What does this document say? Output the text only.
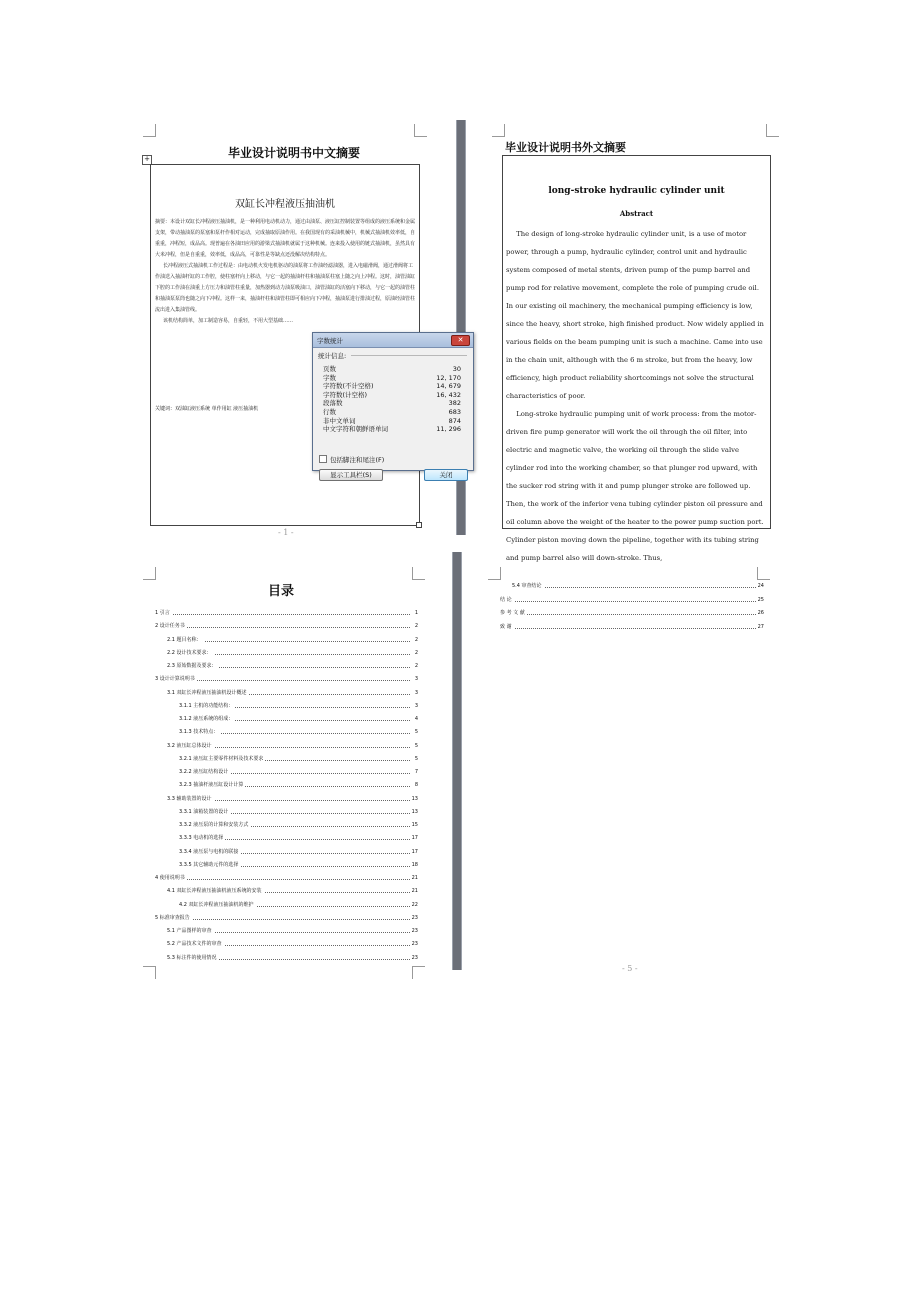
+	毕业设计说明书中文摘要
双缸长冲程液压抽油机

摘要：本设计双缸长冲程液压抽油机，是一种利用电动机动力，通过由油泵、液压缸控制装置等组成的液压系统和金属支架，带动抽油泵的泵塞和泵杆作相对运动，完成抽取原油作用。在我国现有的采油机械中，机械式抽油机效率低，自重重，冲程短，成品高。现普遍在各油田应用的游梁式抽油机就属于这种机械。连来投入使用的链式抽油机，虽然具有大米冲程，但是自重重，效率低，成品高，可靠性是等缺点还没解决结构特点。

长冲程液压式抽油机工作过程是：由电动机火发电机驱动的油泵将工作油经滤油器，进入电磁滑阀，通过滑阀将工作油送入抽油杆缸的工作腔，使柱塞杆向上移动，与它一起的抽油杆柱和抽油泵柱塞上随之向上冲程。这时，油管油缸下腔的工作油在油重上方压力和油管柱重量，加热器到动力油泵吸油口，油管油缸的活塞向下移动，与它一起的油管柱和抽油泵泵筒也随之向下冲程。这样一来，抽油杆柱和油管柱即可相应向下冲程，抽油泵进行排油过程，原油经油管柱流出进入集油管线。

该机结构简单，加工制造容易，自重轻，不用大型基础……

关键词：双油缸液压系统 单作用缸 液压抽油机
- 1 -
毕业设计说明书外文摘要
long-stroke hydraulic cylinder unit
Abstract

The design of long-stroke hydraulic cylinder unit, is a use of motor power, through a pump, hydraulic cylinder, control unit and hydraulic system composed of metal stents, driven pump of the pump barrel and pump rod for relative movement, complete the role of pumping crude oil. In our existing oil machinery, the mechanical pumping efficiency is low, since the heavy, short stroke, high finished product. Now widely applied in various fields on the beam pumping unit is such a machine. Came into use in the chain unit, although with the 6 m stroke, but from the heavy, low efficiency, high product reliability shortcomings not solve the structural characteristics of poor.

Long-stroke hydraulic pumping unit of work process: from the motor-driven fire pump generator will work the oil through the oil filter, into electric and magnetic valve, the working oil through the slide valve cylinder rod into the working chamber, so that plunger rod upward, with the sucker rod string with it and pump plunger stroke are followed up. Then, the work of the inferior vena tubing cylinder piston oil pressure and oil column above the weight of the heater to the power pump suction port. Cylinder piston moving down the pipeline, together with its tubing string and pump barrel also will down-stroke. Thus,

目录
1 引言	1
2 设计任务书	2
2.1 题目名称：	2
2.2 设计技术要求：	2
2.3 原始数据及要求：	2
3 设计计算说明书	3
3.1 双缸长冲程液压抽油机设计概述	3
3.1.1 主机的功能结构：	3
3.1.2 液压系统的组成：	4
3.1.3 技术特点：	5
3.2 液压缸总体设计	5
3.2.1 液压缸主要零件材料及技术要求	5
3.2.2 液压缸结构设计	7
3.2.3 抽油杆液压缸设计计算	8
3.3 辅助装置的设计	13
3.3.1 油箱装置的设计	13
3.3.2 液压泵的计算和安装方式	15
3.3.3 电动机的选择	17
3.3.4 液压泵与电机的联接	17
3.3.5 其它辅助元件的选择	18
4 使用说明书	21
4.1 双缸长冲程液压抽油机液压系统的安装	21
4.2 双缸长冲程液压抽油机的维护	22
5 标准审查报告	23
5.1 产品图样的审查	23
5.2 产品技术文件的审查	23
5.3 标注件的使用情况	23
5.4 审查结论	24
结 论	25
参 考 文 献	26
致 谢	27
- 5 -
字数统计	✕
统计信息:
页数	30
字数	12, 170
字符数(不计空格)	14, 679
字符数(计空格)	16, 432
段落数	382
行数	683
非中文单词	874
中文字符和朝鲜语单词	11, 296
包括脚注和尾注(F)
显示工具栏(S)	关闭
